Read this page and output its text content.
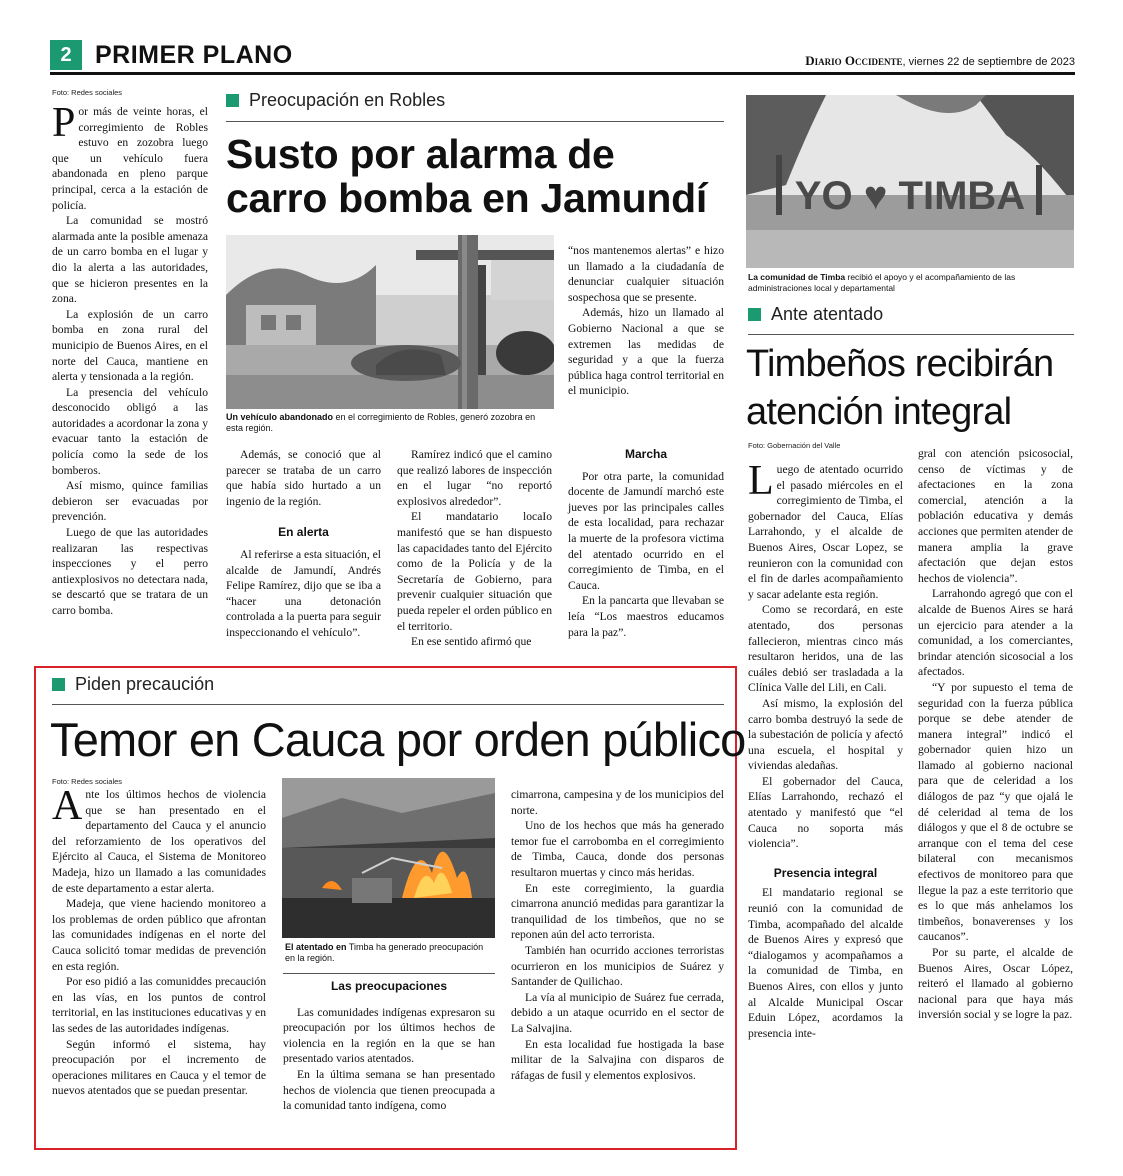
2 PRIMER PLANO	Diario Occidente, viernes 22 de septiembre de 2023
Foto: Redes sociales

Por más de veinte horas, el corregimiento de Robles estuvo en zozobra luego que un vehículo fuera abandonada en pleno parque principal, cerca a la estación de policía.

La comunidad se mostró alarmada ante la posible amenaza de un carro bomba en el lugar y dio la alerta a las autoridades, que se hicieron presentes en la zona.

La explosión de un carro bomba en zona rural del municipio de Buenos Aires, en el norte del Cauca, mantiene en alerta y tensionada a la región.

La presencia del vehículo desconocido obligó a las autoridades a acordonar la zona y evacuar tanto la estación de policía como la sede de los bomberos.

Así mismo, quince familias debieron ser evacuadas por prevención.

Luego de que las autoridades realizaran las respectivas inspecciones y el perro antiexplosivos no detectara nada, se descartó que se tratara de un carro bomba.

Preocupación en Robles
Susto por alarma de
carro bomba en Jamundí
Un vehículo abandonado en el corregimiento de Robles, generó zozobra en esta región.

“nos mantenemos alertas” e hizo un llamado a la ciudadanía de denunciar cualquier situación sospechosa que se presente.

Además, hizo un llamado al Gobierno Nacional a que se extremen las medidas de seguridad y a que la fuerza pública haga control territorial en el municipio.

Además, se conoció que al parecer se trataba de un carro que había sido hurtado a un ingenio de la región.

En alerta

Al referirse a esta situación, el alcalde de Jamundí, Andrés Felipe Ramírez, dijo que se iba a “hacer una detonación controlada a la puerta para seguir inspeccionando el vehículo”.

Ramírez indicó que el camino que realizó labores de inspección en el lugar “no reportó explosivos alrededor”.

El mandatario locaIo manifestó que se han dispuesto las capacidades tanto del Ejército como de la Policía y de la Secretaría de Gobierno, para prevenir cualquier situación que pueda repeler el orden público en el territorio.

En ese sentido afirmó que

Marcha

Por otra parte, la comunidad docente de Jamundí marchó este jueves por las principales calles de esta localidad, para rechazar la muerte de la profesora victima del atentado ocurrido en el corregimiento de Timba, en el Cauca.

En la pancarta que llevaban se leía “Los maestros educamos para la paz”.

Piden precaución
Temor en Cauca por orden público
Foto: Redes sociales

Ante los últimos hechos de violencia que se han presentado en el departamento del Cauca y el anuncio del reforzamiento de los operativos del Ejército al Cauca, el Sistema de Monitoreo Madeja, hizo un llamado a las comunidades de este departamento a estar alerta.

Madeja, que viene haciendo monitoreo a los problemas de orden público que afrontan las comunidades indígenas en el norte del Cauca solicitó tomar medidas de prevención en esta región.

Por eso pidió a las comuniddes precaución en las vías, en los puntos de control territorial, en las instituciones educativas y en las sedes de las autoridades indígenas.

Según informó el sistema, hay preocupación por el incremento de operaciones militares en Cauca y el temor de nuevos atentados que se puedan presentar.

El atentado en Timba ha generado preocupación en la región.
Las preocupaciones

Las comunidades indígenas expresaron su preocupación por los últimos hechos de violencia en la región en la que se han presentado varios atentados.

En la última semana se han presentado hechos de violencia que tienen preocupada a la comunidad tanto indígena, como

cimarrona, campesina y de los municipios del norte.

Uno de los hechos que más ha generado temor fue el carrobomba en el corregimiento de Timba, Cauca, donde dos personas resultaron muertas y cinco más heridas.

En este corregimiento, la guardia cimarrona anunció medidas para garantizar la tranquilidad de los timbeños, que no se reponen aún del acto terrorista.

También han ocurrido acciones terroristas ocurrieron en los municipios de Suárez y Santander de Quilichao.

La vía al municipio de Suárez fue cerrada, debido a un ataque ocurrido en el sector de La Salvajina.

En esta localidad fue hostigada la base militar de la Salvajina con disparos de ráfagas de fusil y elementos explosivos.

YO ♥ TIMBA
La comunidad de Timba recibió el apoyo y el acompañamiento de las administraciones local y departamental
Ante atentado
Timbeños recibirán
atención integral
Foto: Gobernación del Valle

Luego de atentado ocurrido el pasado miércoles en el corregimiento de Timba, el gobernador del Cauca, Elías Larrahondo, y el alcalde de Buenos Aires, Oscar Lopez, se reunieron con la comunidad con el fin de darles acompañamiento y sacar adelante esta región.

Como se recordará, en este atentado, dos personas fallecieron, mientras cinco más resultaron heridos, una de las cuáles debió ser trasladada a la Clínica Valle del Lili, en Cali.

Así mismo, la explosión del carro bomba destruyó la sede de la subestación de policía y afectó una escuela, el hospital y viviendas aledañas.

El gobernador del Cauca, Elías Larrahondo, rechazó el atentado y manifestó que “el Cauca no soporta más violencia”.

Presencia integral

El mandatario regional se reunió con la comunidad de Timba, acompañado del alcalde de Buenos Aires y expresó que “dialogamos y acompañamos a la comunidad de Timba, en Buenos Aires, con ellos y junto al Alcalde Municipal Oscar Eduin López, acordamos la presencia inte-

gral con atención psicosocial, censo de víctimas y de afectaciones en la zona comercial, atención a la población educativa y demás acciones que permiten atender de manera amplia la grave afectación que dejan estos hechos de violencia”.

Larrahondo agregó que con el alcalde de Buenos Aires se hará un ejercicio para atender a la comunidad, a los comerciantes, brindar atención sicosocial a los afectados.

“Y por supuesto el tema de seguridad con la fuerza pública porque se debe atender de manera integral” indicó el gobernador quien hizo un llamado al gobierno nacional para que de celeridad a los diálogos de paz “y que ojalá le dé celeridad al tema de los diálogos y que el 8 de octubre se arranque con el tema del cese bilateral con mecanismos efectivos de monitoreo para que llegue la paz a este territorio que es lo que más anhelamos los timbeños, bonaverenses y los caucanos”.

Por su parte, el alcalde de Buenos Aires, Oscar López, reiteró el llamado al gobierno nacional para que haya más inversión social y se logre la paz.
